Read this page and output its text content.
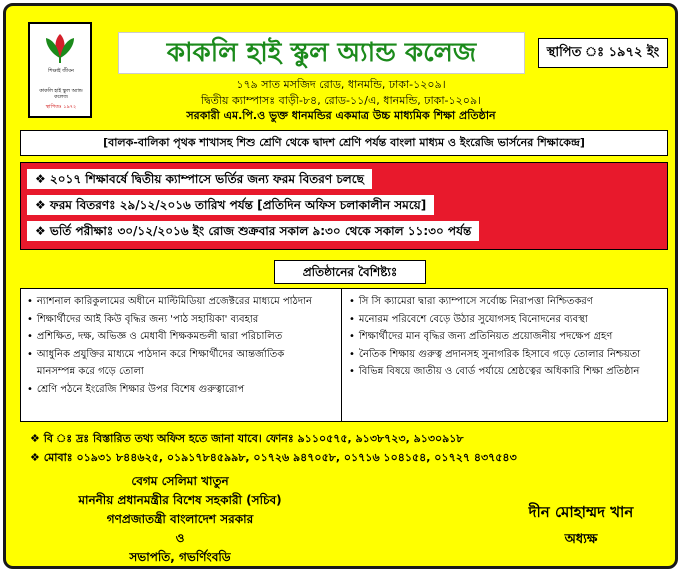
শিক্ষাই জীবন
কাকলি হাই স্কুল অ্যান্ড কলেজ
স্থাপিতঃ ১৯৭২
কাকলি হাই স্কুল অ্যান্ড কলেজ	স্থাপিত ঃ ১৯৭২ ইং
১৭৯ সাত মসজিদ রোড, ধানমন্ডি, ঢাকা-১২০৯।
দ্বিতীয় ক্যাম্পাসঃ বাড়ী-৮৪, রোড-১১/এ, ধানমন্ডি, ঢাকা-১২০৯।
সরকারী এম.পি.ও ভুক্ত ধানমন্ডির একমাত্র উচ্চ মাধ্যমিক শিক্ষা প্রতিষ্ঠান
[বালক-বালিকা পৃথক শাখাসহ শিশু শ্রেণি থেকে দ্বাদশ শ্রেণি পর্যন্ত বাংলা মাধ্যম ও ইংরেজি ভার্সনের শিক্ষাকেন্দ্র]
❖ ২০১৭ শিক্ষাবর্ষে দ্বিতীয় ক্যাম্পাসে ভর্তির জন্য ফরম বিতরণ চলছে
❖ ফরম বিতরণঃ ২৯/১২/২০১৬ তারিখ পর্যন্ত [প্রতিদিন অফিস চলাকালীন সময়ে]
❖ ভর্তি পরীক্ষাঃ ৩০/১২/২০১৬ ইং রোজ শুক্রবার সকাল ৯:৩০ থেকে সকাল ১১:৩০ পর্যন্ত
প্রতিষ্ঠানের বৈশিষ্ট্যঃ
• ন্যাশনাল কারিকুলামের অধীনে মাল্টিমিডিয়া প্রজেক্টরের মাধ্যমে পাঠদান
• শিক্ষার্থীদের আই কিউ বৃদ্ধির জন্য 'পাঠ সহায়িকা' ব্যবহার
• প্রশিক্ষিত, দক্ষ, অভিজ্ঞ ও মেধাবী শিক্ষকমন্ডলী দ্বারা পরিচালিত
• আধুনিক প্রযুক্তির মাধ্যমে পাঠদান করে শিক্ষার্থীদের আন্তর্জাতিক
মানসম্পন্ন করে গড়ে তোলা
• শ্রেণি পঠনে ইংরেজি শিক্ষার উপর বিশেষ গুরুত্বারোপ
• সি সি ক্যামেরা দ্বারা ক্যাম্পাসে সর্বোচ্চ নিরাপত্তা নিশ্চিতকরণ
• মনোরম পরিবেশে বেড়ে উঠার সুযোগসহ বিনোদনের ব্যবস্থা
• শিক্ষার্থীদের মান বৃদ্ধির জন্য প্রতিনিয়ত প্রয়োজনীয় পদক্ষেপ গ্রহণ
• নৈতিক শিক্ষায় গুরুত্ব প্রদানসহ সুনাগরিক হিসাবে গড়ে তোলার নিশ্চয়তা
• বিভিন্ন বিষয়ে জাতীয় ও বোর্ড পর্যায়ে শ্রেষ্ঠত্বের অধিকারি শিক্ষা প্রতিষ্ঠান
❖ বি ঃ দ্রঃ বিস্তারিত তথ্য অফিস হতে জানা যাবে। ফোনঃ ৯১১০৫৭৫, ৯১৩৮৭২৩, ৯১৩০৯১৮
❖ মোবাঃ ০১৯৩১ ৮৪৪৬২৫, ০১৯১৭৮৪৫৯৯৮, ০১৭২৬ ৯৪৭০৫৮, ০১৭১৬ ১০৪১৫৪, ০১৭২৭ ৪৩৭৫৪৩
বেগম সেলিমা খাতুন
মাননীয় প্রধানমন্ত্রীর বিশেষ সহকারী (সচিব)
গণপ্রজাতন্ত্রী বাংলাদেশ সরকার
ও
সভাপতি, গভর্ণিংবডি
দীন মোহাম্মদ খান
অধ্যক্ষ
